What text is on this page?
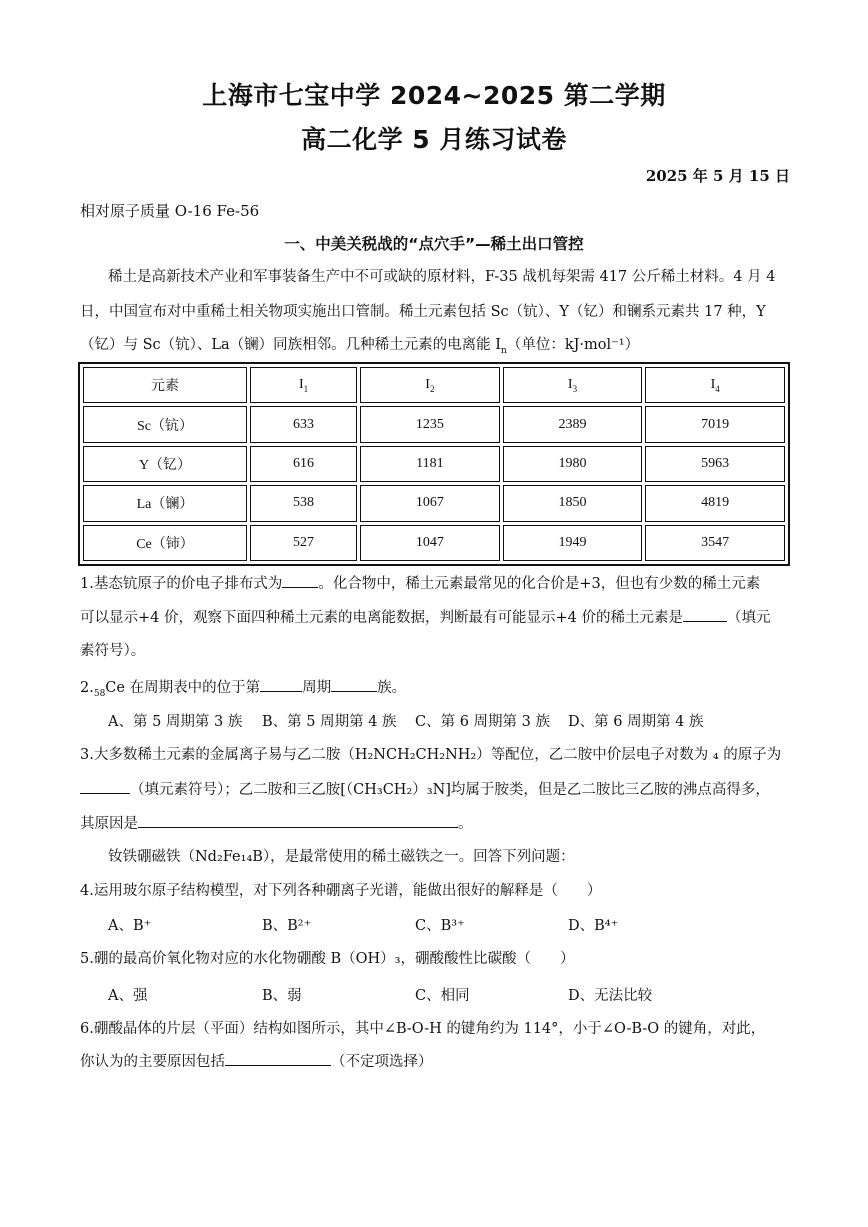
上海市七宝中学 2024~2025 第二学期
高二化学 5 月练习试卷
2025 年 5 月 15 日
相对原子质量 O-16 Fe-56
一、中美关税战的“点穴手”—稀土出口管控
稀土是高新技术产业和军事装备生产中不可或缺的原材料，F-35 战机每架需 417 公斤稀土材料。4 月 4
日，中国宣布对中重稀土相关物项实施出口管制。稀土元素包括 Sc（钪）、Y（钇）和镧系元素共 17 种，Y
（钇）与 Sc（钪）、La（镧）同族相邻。几种稀土元素的电离能 $I_n$（单位：kJ·mol⁻¹）
元素	$I_1$	$I_2$	$I_3$	$I_4$
Sc（钪）	633	1235	2389	7019
Y（钇）	616	1181	1980	5963
La（镧）	538	1067	1850	4819
Ce（铈）	527	1047	1949	3547
1.基态钪原子的价电子排布式为 。化合物中，稀土元素最常见的化合价是+3，但也有少数的稀土元素
可以显示+4 价，观察下面四种稀土元素的电离能数据，判断最有可能显示+4 价的稀土元素是	（填元
素符号）。
$2._{58}Ce$ 在周期表中的位于第	周期	族。
A、第 5 周期第 3 族 B、第 5 周期第 4 族 C、第 6 周期第 3 族 D、第 6 周期第 4 族
3.大多数稀土元素的金属离子易与乙二胺（H₂NCH₂CH₂NH₂）等配位，乙二胺中价层电子对数为 ₄ 的原子为
（填元素符号）；乙二胺和三乙胺[（CH₃CH₂）₃N]均属于胺类，但是乙二胺比三乙胺的沸点高得多，
其原因是	。
钕铁硼磁铁（Nd₂Fe₁₄B），是最常使用的稀土磁铁之一。回答下列问题：
4.运用玻尔原子结构模型，对下列各种硼离子光谱，能做出很好的解释是（　　）
A、B⁺	B、B²⁺	C、B³⁺	D、B⁴⁺
5.硼的最高价氧化物对应的水化物硼酸 B（OH）₃，硼酸酸性比碳酸（　　）
A、强	B、弱	C、相同	D、无法比较
6.硼酸晶体的片层（平面）结构如图所示，其中∠B-O-H 的键角约为 114°，小于∠O-B-O 的键角，对此，
你认为的主要原因包括	（不定项选择）
